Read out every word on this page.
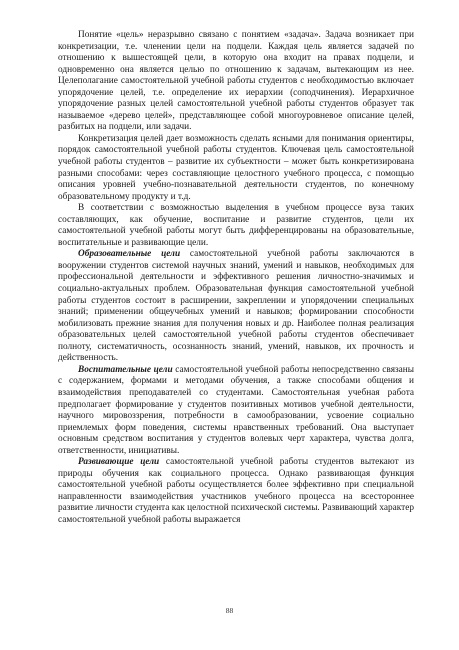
Понятие «цель» неразрывно связано с понятием «задача». Задача возникает при конкретизации, т.е. членении цели на подцели. Каждая цель является задачей по отношению к вышестоящей цели, в которую она входит на правах подцели, и одновременно она является целью по отношению к задачам, вытекающим из нее. Целеполагание самостоятельной учебной работы студентов с необходимостью включает упорядочение целей, т.е. определение их иерархии (соподчинения). Иерархичное упорядочение разных целей самостоятельной учебной работы студентов образует так называемое «дерево целей», представляющее собой многоуровневое описание целей, разбитых на подцели, или задачи.

Конкретизация целей дает возможность сделать ясными для понимания ориентиры, порядок самостоятельной учебной работы студентов. Ключевая цель самостоятельной учебной работы студентов – развитие их субъектности – может быть конкретизирована разными способами: через составляющие целостного учебного процесса, с помощью описания уровней учебно-познавательной деятельности студентов, по конечному образовательному продукту и т.д.

В соответствии с возможностью выделения в учебном процессе вуза таких составляющих, как обучение, воспитание и развитие студентов, цели их самостоятельной учебной работы могут быть дифференцированы на образовательные, воспитательные и развивающие цели.

Образовательные цели самостоятельной учебной работы заключаются в вооружении студентов системой научных знаний, умений и навыков, необходимых для профессиональной деятельности и эффективного решения личностно-значимых и социально-актуальных проблем. Образовательная функция самостоятельной учебной работы студентов состоит в расширении, закреплении и упорядочении специальных знаний; применении общеучебных умений и навыков; формировании способности мобилизовать прежние знания для получения новых и др. Наиболее полная реализация образовательных целей самостоятельной учебной работы студентов обеспечивает полноту, систематичность, осознанность знаний, умений, навыков, их прочность и действенность.

Воспитательные цели самостоятельной учебной работы непосредственно связаны с содержанием, формами и методами обучения, а также способами общения и взаимодействия преподавателей со студентами. Самостоятельная учебная работа предполагает формирование у студентов позитивных мотивов учебной деятельности, научного мировоззрения, потребности в самообразовании, усвоение социально приемлемых форм поведения, системы нравственных требований. Она выступает основным средством воспитания у студентов волевых черт характера, чувства долга, ответственности, инициативы.

Развивающие цели самостоятельной учебной работы студентов вытекают из природы обучения как социального процесса. Однако развивающая функция самостоятельной учебной работы осуществляется более эффективно при специальной направленности взаимодействия участников учебного процесса на всестороннее развитие личности студента как целостной психической системы. Развивающий характер самостоятельной учебной работы выражается

88
